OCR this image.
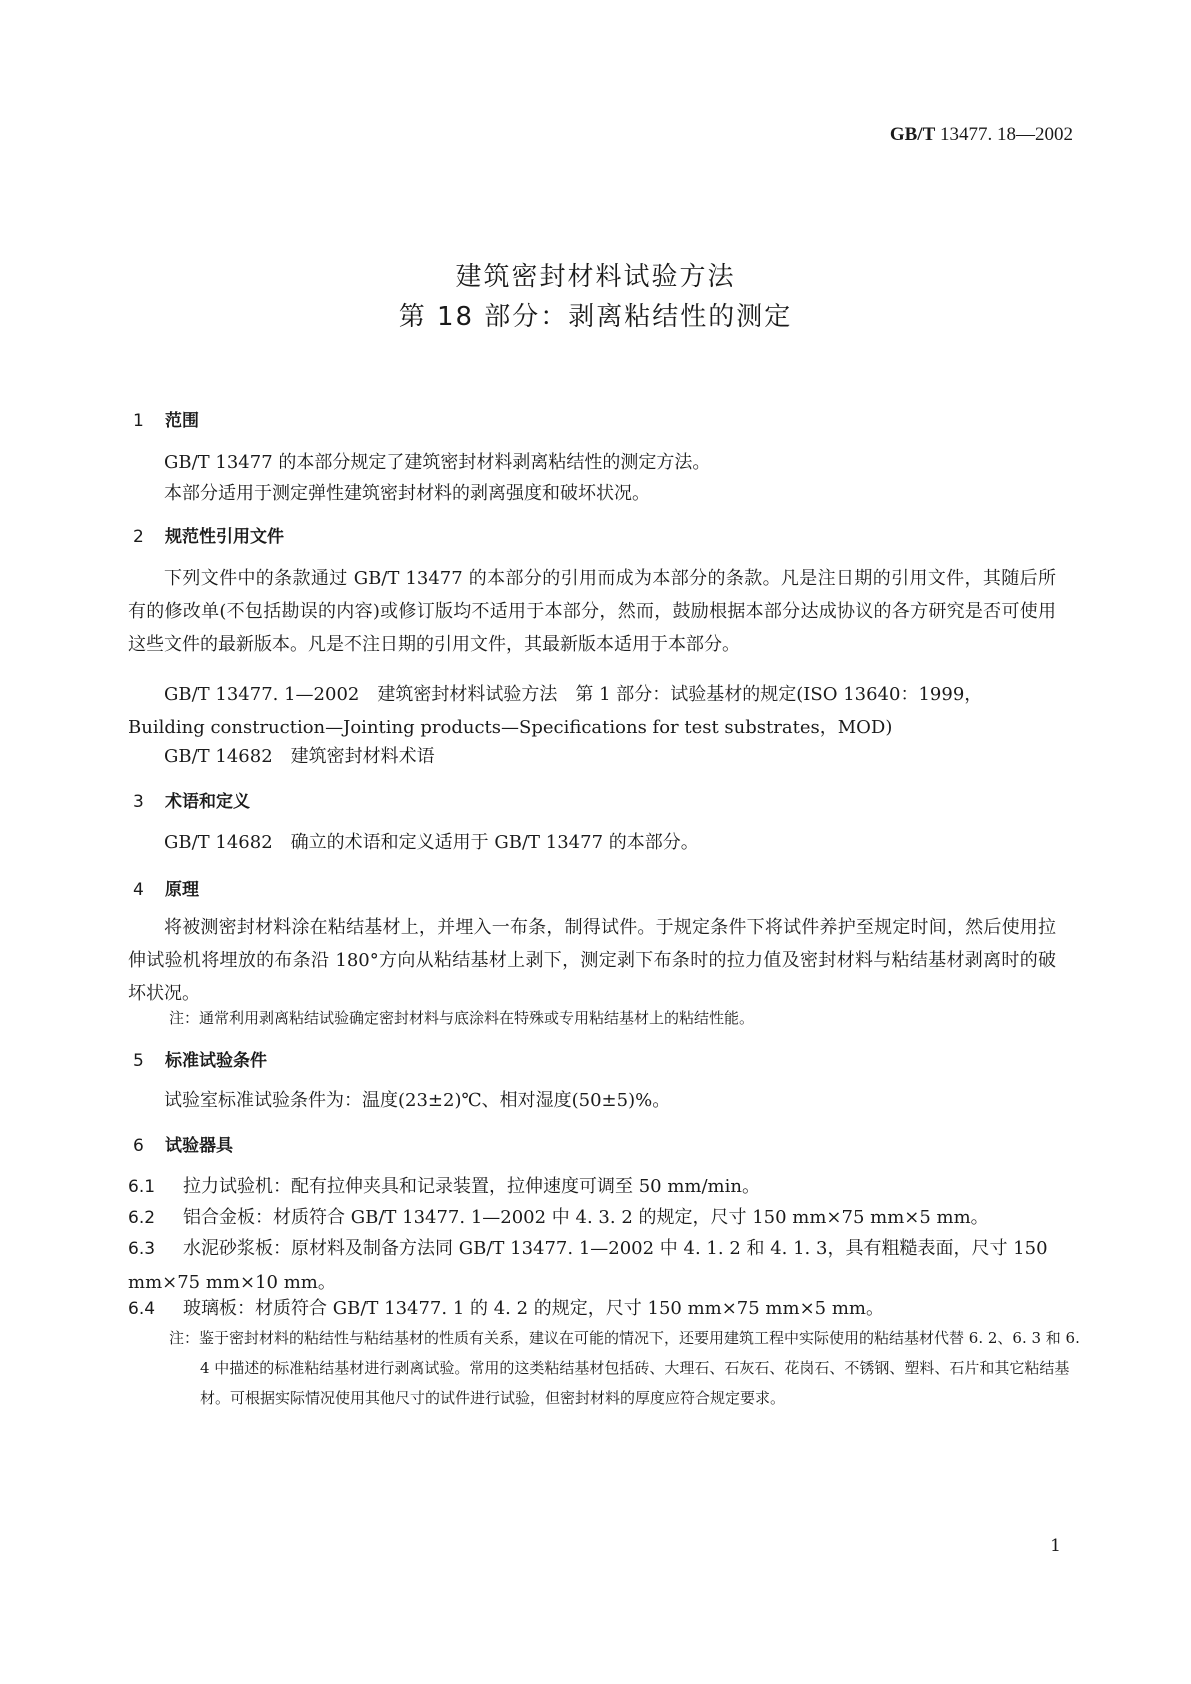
GB/T 13477. 18—2002
建筑密封材料试验方法
第 18 部分：剥离粘结性的测定
1 范围
GB/T 13477 的本部分规定了建筑密封材料剥离粘结性的测定方法。
本部分适用于测定弹性建筑密封材料的剥离强度和破坏状况。
2 规范性引用文件
下列文件中的条款通过 GB/T 13477 的本部分的引用而成为本部分的条款。凡是注日期的引用文件，其随后所有的修改单(不包括勘误的内容)或修订版均不适用于本部分，然而，鼓励根据本部分达成协议的各方研究是否可使用这些文件的最新版本。凡是不注日期的引用文件，其最新版本适用于本部分。
GB/T 13477. 1—2002　建筑密封材料试验方法　第 1 部分：试验基材的规定(ISO 13640：1999，Building construction—Jointing products—Specifications for test substrates，MOD)
GB/T 14682　建筑密封材料术语
3 术语和定义
GB/T 14682　确立的术语和定义适用于 GB/T 13477 的本部分。
4 原理
将被测密封材料涂在粘结基材上，并埋入一布条，制得试件。于规定条件下将试件养护至规定时间，然后使用拉伸试验机将埋放的布条沿 180°方向从粘结基材上剥下，测定剥下布条时的拉力值及密封材料与粘结基材剥离时的破坏状况。
注：通常利用剥离粘结试验确定密封材料与底涂料在特殊或专用粘结基材上的粘结性能。
5 标准试验条件
试验室标准试验条件为：温度(23±2)℃、相对湿度(50±5)%。
6 试验器具
6.1 拉力试验机：配有拉伸夹具和记录装置，拉伸速度可调至 50 mm/min。
6.2 铝合金板：材质符合 GB/T 13477. 1—2002 中 4. 3. 2 的规定，尺寸 150 mm×75 mm×5 mm。
6.3 水泥砂浆板：原材料及制备方法同 GB/T 13477. 1—2002 中 4. 1. 2 和 4. 1. 3，具有粗糙表面，尺寸 150 mm×75 mm×10 mm。
6.4 玻璃板：材质符合 GB/T 13477. 1 的 4. 2 的规定，尺寸 150 mm×75 mm×5 mm。
注：鉴于密封材料的粘结性与粘结基材的性质有关系，建议在可能的情况下，还要用建筑工程中实际使用的粘结基材代替 6. 2、6. 3 和 6. 4 中描述的标准粘结基材进行剥离试验。常用的这类粘结基材包括砖、大理石、石灰石、花岗石、不锈钢、塑料、石片和其它粘结基材。可根据实际情况使用其他尺寸的试件进行试验，但密封材料的厚度应符合规定要求。
1
